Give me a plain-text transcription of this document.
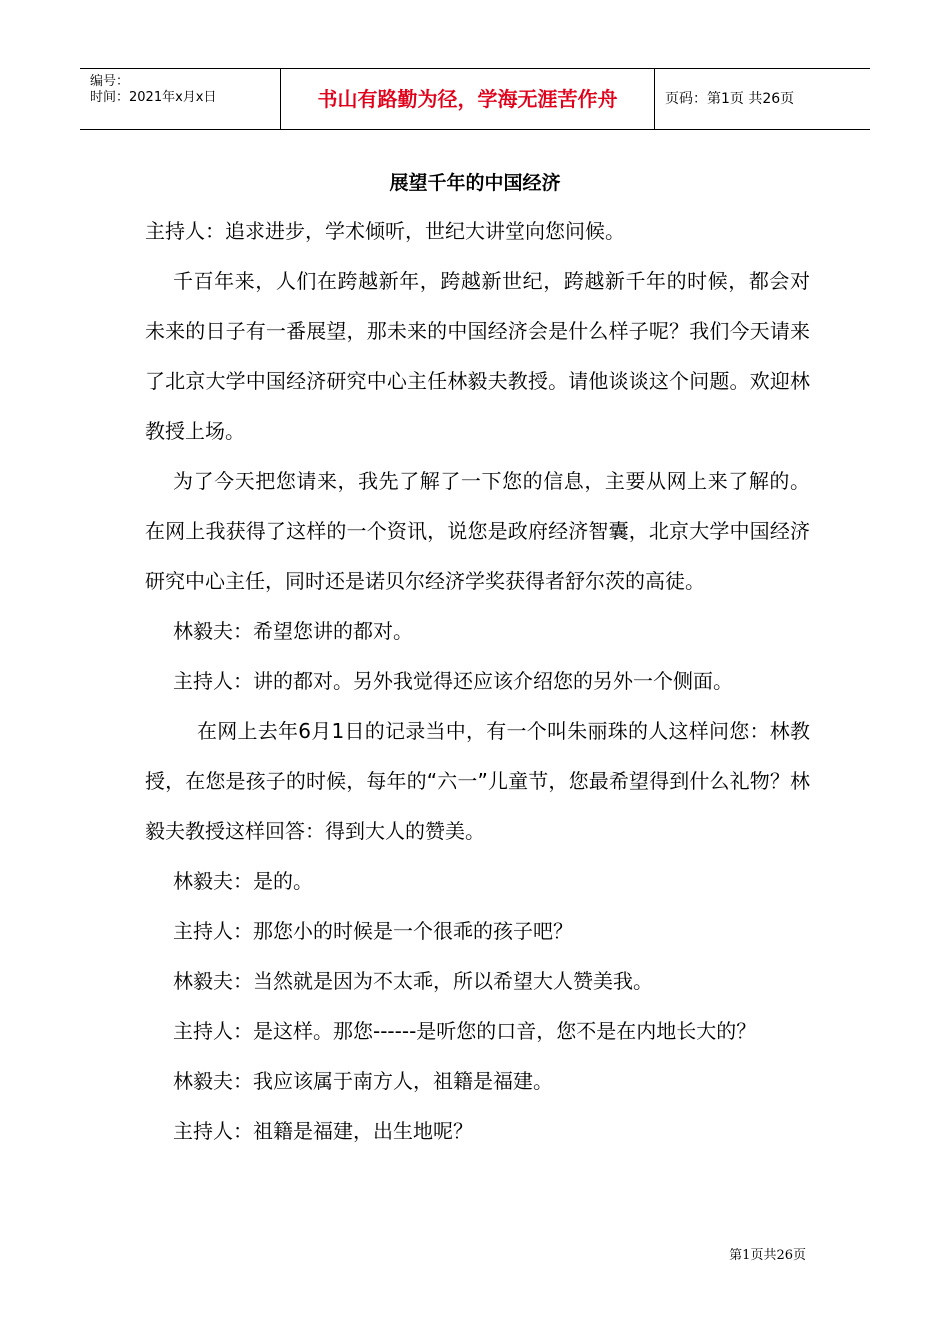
编号：
时间：2021年x月x日	书山有路勤为径，学海无涯苦作舟	页码：第1页 共26页
展望千年的中国经济

主持人：追求进步，学术倾听，世纪大讲堂向您问候。

千百年来，人们在跨越新年，跨越新世纪，跨越新千年的时候，都会对未来的日子有一番展望，那未来的中国经济会是什么样子呢？我们今天请来了北京大学中国经济研究中心主任林毅夫教授。请他谈谈这个问题。欢迎林教授上场。

为了今天把您请来，我先了解了一下您的信息，主要从网上来了解的。在网上我获得了这样的一个资讯，说您是政府经济智囊，北京大学中国经济研究中心主任，同时还是诺贝尔经济学奖获得者舒尔茨的高徒。

林毅夫：希望您讲的都对。

主持人：讲的都对。另外我觉得还应该介绍您的另外一个侧面。

在网上去年6月1日的记录当中，有一个叫朱丽珠的人这样问您：林教授，在您是孩子的时候，每年的“六一”儿童节，您最希望得到什么礼物？林毅夫教授这样回答：得到大人的赞美。

林毅夫：是的。

主持人：那您小的时候是一个很乖的孩子吧？

林毅夫：当然就是因为不太乖，所以希望大人赞美我。

主持人：是这样。那您------是听您的口音，您不是在内地长大的？

林毅夫：我应该属于南方人，祖籍是福建。

主持人：祖籍是福建，出生地呢？

第1页共26页
